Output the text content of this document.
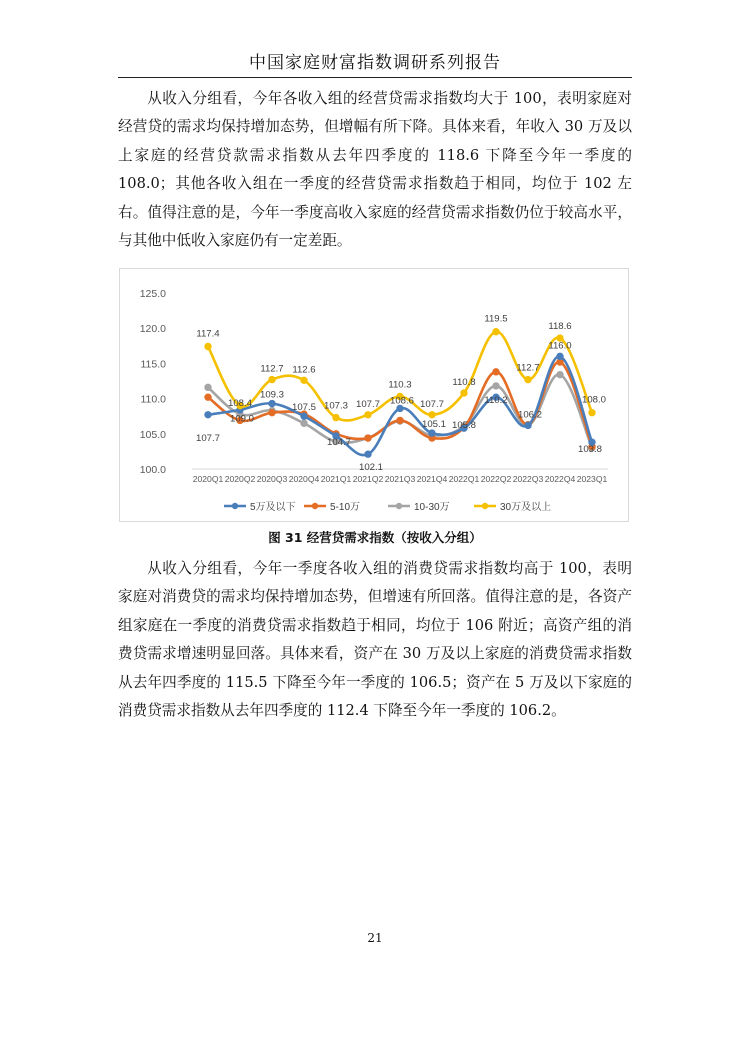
中国家庭财富指数调研系列报告

从收入分组看，今年各收入组的经营贷需求指数均大于 100，表明家庭对经营贷的需求均保持增加态势，但增幅有所下降。具体来看，年收入 30 万及以上家庭的经营贷款需求指数从去年四季度的 118.6 下降至今年一季度的 108.0；其他各收入组在一季度的经营贷需求指数趋于相同，均位于 102 左右。值得注意的是，今年一季度高收入家庭的经营贷需求指数仍位于较高水平，与其他中低收入家庭仍有一定差距。

100.0
105.0
110.0
115.0
120.0
125.0
2020Q1 2020Q2 2020Q3 2020Q4 2021Q1 2021Q2 2021Q3 2021Q4 2022Q1 2022Q2 2022Q3 2022Q4 2023Q1
117.4
109.0
112.7 112.6
107.3 107.7
110.3
107.7
110.8
119.5
112.7
118.6
108.0
107.7
108.4
109.3
107.5
104.7
102.1
108.6
105.1 105.8
110.2
106.2
116.0
103.8
5万及以下	5-10万	10-30万	30万及以上
图 31 经营贷需求指数（按收入分组）

从收入分组看，今年一季度各收入组的消费贷需求指数均高于 100，表明家庭对消费贷的需求均保持增加态势，但增速有所回落。值得注意的是，各资产组家庭在一季度的消费贷需求指数趋于相同，均位于 106 附近；高资产组的消费贷需求增速明显回落。具体来看，资产在 30 万及以上家庭的消费贷需求指数从去年四季度的 115.5 下降至今年一季度的 106.5；资产在 5 万及以下家庭的消费贷需求指数从去年四季度的 112.4 下降至今年一季度的 106.2。

21
